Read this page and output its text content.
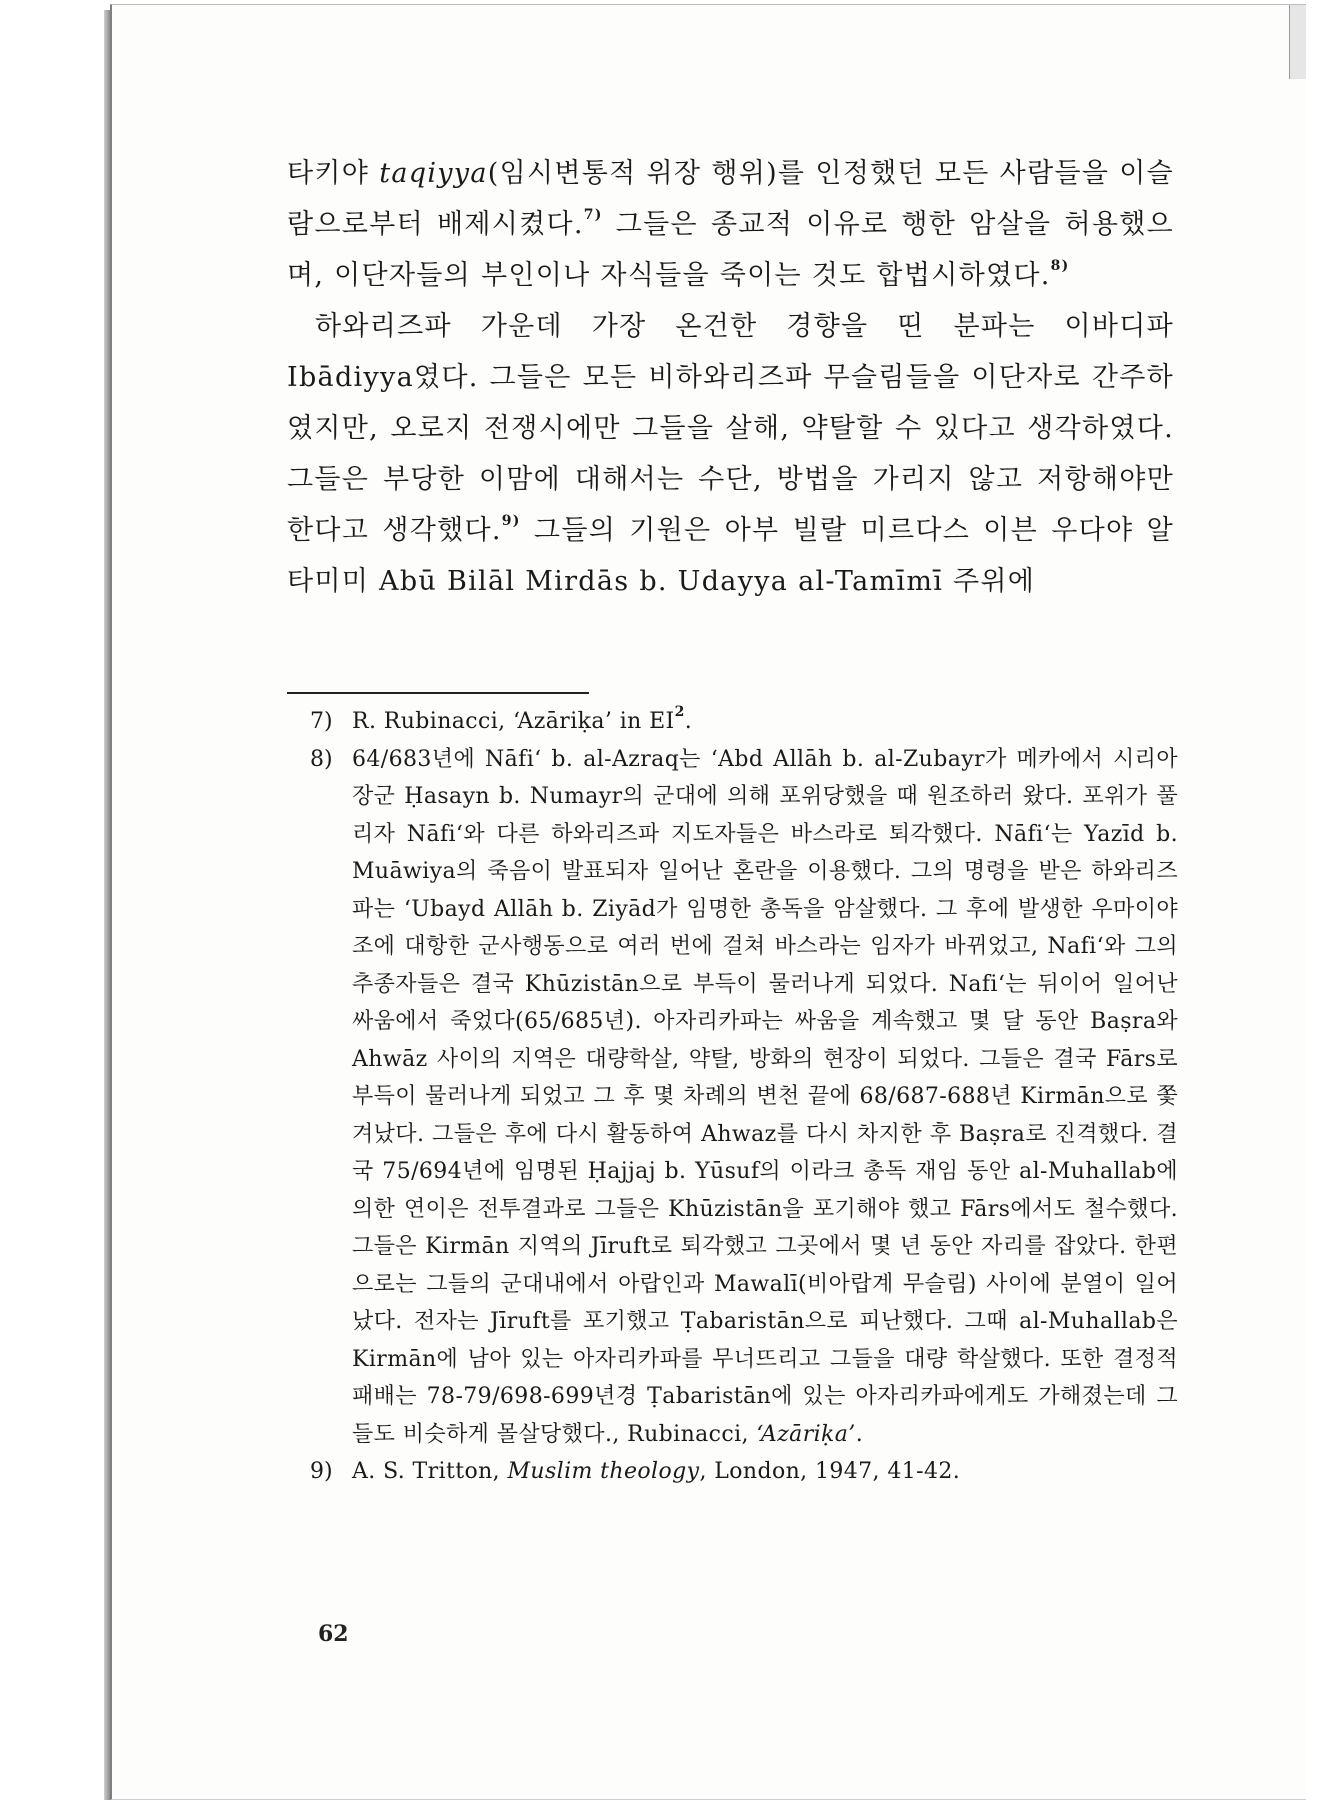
타키야 taqiyya(임시변통적 위장 행위)를 인정했던 모든 사람들을 이슬람으로부터 배제시켰다.$^{7)}$ 그들은 종교적 이유로 행한 암살을 허용했으며, 이단자들의 부인이나 자식들을 죽이는 것도 합법시하였다.$^{8)}$

하와리즈파 가운데 가장 온건한 경향을 띤 분파는 이바디파 Ibādiyya였다. 그들은 모든 비하와리즈파 무슬림들을 이단자로 간주하였지만, 오로지 전쟁시에만 그들을 살해, 약탈할 수 있다고 생각하였다. 그들은 부당한 이맘에 대해서는 수단, 방법을 가리지 않고 저항해야만 한다고 생각했다.$^{9)}$ 그들의 기원은 아부 빌랄 미르다스 이븐 우다야 알 타미미 Abū Bilāl Mirdās b. Udayya al-Tamīmī 주위에

7) R. Rubinacci, ‘Azāriḳa’ in $EI^2$.
8) 64/683년에 Nāfi‘ b. al-Azraq는 ‘Abd Allāh b. al-Zubayr가 메카에서 시리아 장군 Ḥasayn b. Numayr의 군대에 의해 포위당했을 때 원조하러 왔다. 포위가 풀리자 Nāfi‘와 다른 하와리즈파 지도자들은 바스라로 퇴각했다. Nāfi‘는 Yazīd b. Muāwiya의 죽음이 발표되자 일어난 혼란을 이용했다. 그의 명령을 받은 하와리즈파는 ‘Ubayd Allāh b. Ziyād가 임명한 총독을 암살했다. 그 후에 발생한 우마이야조에 대항한 군사행동으로 여러 번에 걸쳐 바스라는 임자가 바뀌었고, Nafi‘와 그의 추종자들은 결국 Khūzistān으로 부득이 물러나게 되었다. Nafi‘는 뒤이어 일어난 싸움에서 죽었다(65/685년). 아자리카파는 싸움을 계속했고 몇 달 동안 Baṣra와 Ahwāz 사이의 지역은 대량학살, 약탈, 방화의 현장이 되었다. 그들은 결국 Fārs로 부득이 물러나게 되었고 그 후 몇 차례의 변천 끝에 68/687-688년 Kirmān으로 쫓겨났다. 그들은 후에 다시 활동하여 Ahwaz를 다시 차지한 후 Baṣra로 진격했다. 결국 75/694년에 임명된 Ḥajjaj b. Yūsuf의 이라크 총독 재임 동안 al-Muhallab에 의한 연이은 전투결과로 그들은 Khūzistān을 포기해야 했고 Fārs에서도 철수했다. 그들은 Kirmān 지역의 Jīruft로 퇴각했고 그곳에서 몇 년 동안 자리를 잡았다. 한편으로는 그들의 군대내에서 아랍인과 Mawalī(비아랍계 무슬림) 사이에 분열이 일어났다. 전자는 Jīruft를 포기했고 Ṭabaristān으로 피난했다. 그때 al-Muhallab은 Kirmān에 남아 있는 아자리카파를 무너뜨리고 그들을 대량 학살했다. 또한 결정적 패배는 78-79/698-699년경 Ṭabaristān에 있는 아자리카파에게도 가해졌는데 그들도 비슷하게 몰살당했다., Rubinacci, ‘Azāriḳa’.
9) A. S. Tritton, Muslim theology, London, 1947, 41-42.
62
